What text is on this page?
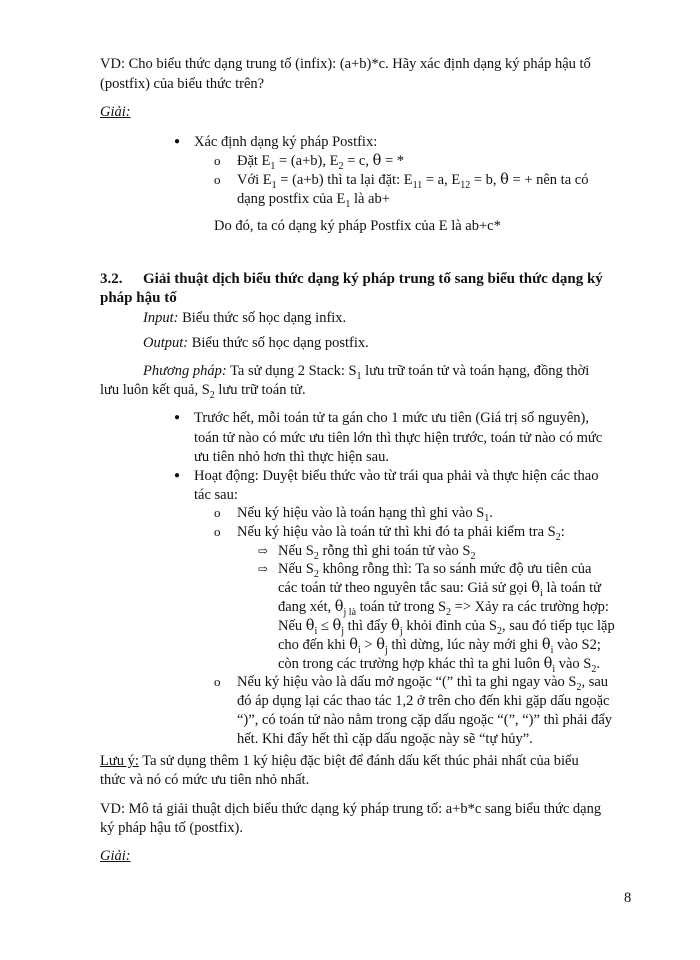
VD: Cho biểu thức dạng trung tố (infix): (a+b)*c. Hãy xác định dạng ký pháp hậu tố
(postfix) của biểu thức trên?
Giải:
● Xác định dạng ký pháp Postfix:
o Đặt $E_1 = (a+b)$, $E_2 = c$, θ = *
o Với $E_1 = (a+b)$ thì ta lại đặt: $E_{11} = a$, $E_{12} = b$, θ = + nên ta có
dạng postfix của $E_1$ là ab+
Do đó, ta có dạng ký pháp Postfix của E là ab+c*
3.2. Giải thuật dịch biểu thức dạng ký pháp trung tố sang biểu thức dạng ký
pháp hậu tố
Input: Biểu thức số học dạng infix.
Output: Biểu thức số học dạng postfix.
Phương pháp: Ta sử dụng 2 Stack: $S_1$ lưu trữ toán tử và toán hạng, đồng thời
lưu luôn kết quả, $S_2$ lưu trữ toán tử.
● Trước hết, mỗi toán tử ta gán cho 1 mức ưu tiên (Giá trị số nguyên),
toán tử nào có mức ưu tiên lớn thì thực hiện trước, toán tử nào có mức
ưu tiên nhỏ hơn thì thực hiện sau.
● Hoạt động: Duyệt biểu thức vào từ trái qua phải và thực hiện các thao
tác sau:
o Nếu ký hiệu vào là toán hạng thì ghi vào $S_1$.
o Nếu ký hiệu vào là toán tử thì khi đó ta phải kiểm tra $S_2$:
⇨ Nếu $S_2$ rỗng thì ghi toán tử vào $S_2$
⇨ Nếu $S_2$ không rỗng thì: Ta so sánh mức độ ưu tiên của
các toán tử theo nguyên tắc sau: Giả sử gọi $\theta_i$ là toán tử
đang xét, $\theta_{j là}$ toán tử trong $S_2$ => Xảy ra các trường hợp:
Nếu $\theta_i \le \theta_j$ thì đẩy $\theta_j$ khỏi đỉnh của $S_2$, sau đó tiếp tục lặp
cho đến khi $\theta_i > \theta_j$ thì dừng, lúc này mới ghi $\theta_i$ vào S2;
còn trong các trường hợp khác thì ta ghi luôn $\theta_i$ vào $S_2$.
o Nếu ký hiệu vào là dấu mở ngoặc “(” thì ta ghi ngay vào $S_2$, sau
đó áp dụng lại các thao tác 1,2 ở trên cho đến khi gặp dấu ngoặc
“)”, có toán tử nào nằm trong cặp dấu ngoặc “(”, “)” thì phải đẩy
hết. Khi đẩy hết thì cặp dấu ngoặc này sẽ “tự hủy”.
Lưu ý: Ta sử dụng thêm 1 ký hiệu đặc biệt để đánh dấu kết thúc phải nhất của biểu
thức và nó có mức ưu tiên nhỏ nhất.
VD: Mô tả giải thuật dịch biểu thức dạng ký pháp trung tố: a+b*c sang biểu thức dạng
ký pháp hậu tố (postfix).
Giải:
8
